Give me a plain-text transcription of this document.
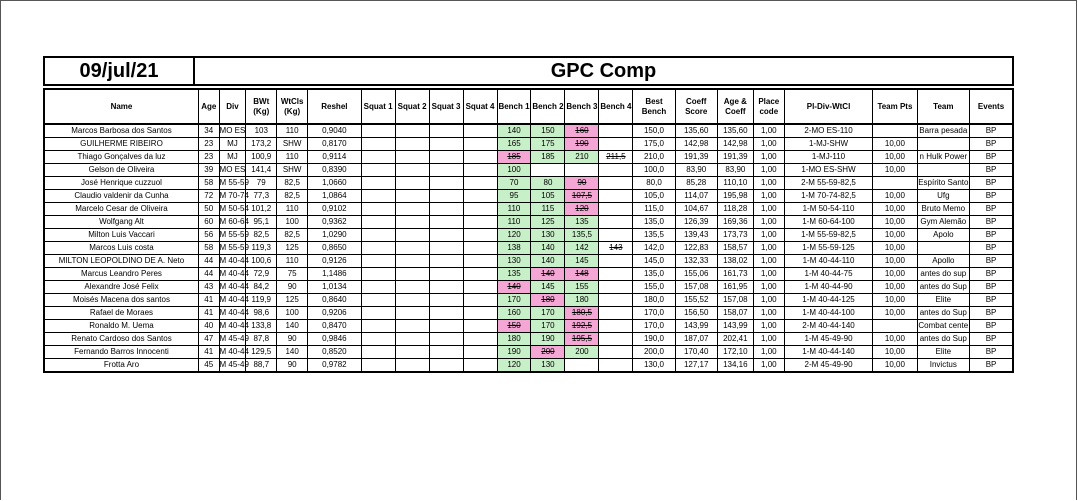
09/jul/21	GPC Comp
Name	Age	Div	BWt (Kg)	WtCls (Kg)	Reshel	Squat 1	Squat 2	Squat 3	Squat 4	Bench 1	Bench 2	Bench 3	Bench 4	Best Bench	Coeff Score	Age & Coeff	Place code	Pl-Div-WtCl	Team Pts	Team	Events
Marcos Barbosa dos Santos	34	MO ES	103	110	0,9040					140	150	160		150,0	135,60	135,60	1,00	2-MO ES-110		Barra pesada	BP
GUILHERME RIBEIRO	23	MJ	173,2	SHW	0,8170					165	175	190		175,0	142,98	142,98	1,00	1-MJ-SHW	10,00		BP
Thiago Gonçalves da luz	23	MJ	100,9	110	0,9114					185	185	210	211,5	210,0	191,39	191,39	1,00	1-MJ-110	10,00	n Hulk Power	BP
Gelson de Oliveira	39	MO ES	141,4	SHW	0,8390					100				100,0	83,90	83,90	1,00	1-MO ES-SHW	10,00		BP
José Henrique cuzzuol	58	M 55-59	79	82,5	1,0660					70	80	90		80,0	85,28	110,10	1,00	2-M 55-59-82,5		Espírito Santo	BP
Claudio valdenir da Cunha	72	M 70-74	77,3	82,5	1,0864					95	105	107,5		105,0	114,07	195,98	1,00	1-M 70-74-82,5	10,00	Ufg	BP
Marcelo Cesar de Oliveira	50	M 50-54	101,2	110	0,9102					110	115	120		115,0	104,67	118,28	1,00	1-M 50-54-110	10,00	Bruto Memo	BP
Wolfgang Alt	60	M 60-64	95,1	100	0,9362					110	125	135		135,0	126,39	169,36	1,00	1-M 60-64-100	10,00	Gym Alemão	BP
Milton Luis Vaccari	56	M 55-59	82,5	82,5	1,0290					120	130	135,5		135,5	139,43	173,73	1,00	1-M 55-59-82,5	10,00	Apolo	BP
Marcos Luis costa	58	M 55-59	119,3	125	0,8650					138	140	142	143	142,0	122,83	158,57	1,00	1-M 55-59-125	10,00		BP
MILTON LEOPOLDINO DE A. Neto	44	M 40-44	100,6	110	0,9126					130	140	145		145,0	132,33	138,02	1,00	1-M 40-44-110	10,00	Apollo	BP
Marcus Leandro Peres	44	M 40-44	72,9	75	1,1486					135	140	148		135,0	155,06	161,73	1,00	1-M 40-44-75	10,00	antes do sup	BP
Alexandre José Felix	43	M 40-44	84,2	90	1,0134					140	145	155		155,0	157,08	161,95	1,00	1-M 40-44-90	10,00	antes do Sup	BP
Moisés Macena dos santos	41	M 40-44	119,9	125	0,8640					170	180	180		180,0	155,52	157,08	1,00	1-M 40-44-125	10,00	Elite	BP
Rafael de Moraes	41	M 40-44	98,6	100	0,9206					160	170	180,5		170,0	156,50	158,07	1,00	1-M 40-44-100	10,00	antes do Sup	BP
Ronaldo M. Uema	40	M 40-44	133,8	140	0,8470					150	170	192,5		170,0	143,99	143,99	1,00	2-M 40-44-140		Combat cente	BP
Renato Cardoso dos Santos	47	M 45-49	87,8	90	0,9846					180	190	195,5		190,0	187,07	202,41	1,00	1-M 45-49-90	10,00	antes do Sup	BP
Fernando Barros Innocenti	41	M 40-44	129,5	140	0,8520					190	200	200		200,0	170,40	172,10	1,00	1-M 40-44-140	10,00	Elite	BP
Frotta Aro	45	M 45-49	88,7	90	0,9782					120	130			130,0	127,17	134,16	1,00	2-M 45-49-90	10,00	Invictus	BP
